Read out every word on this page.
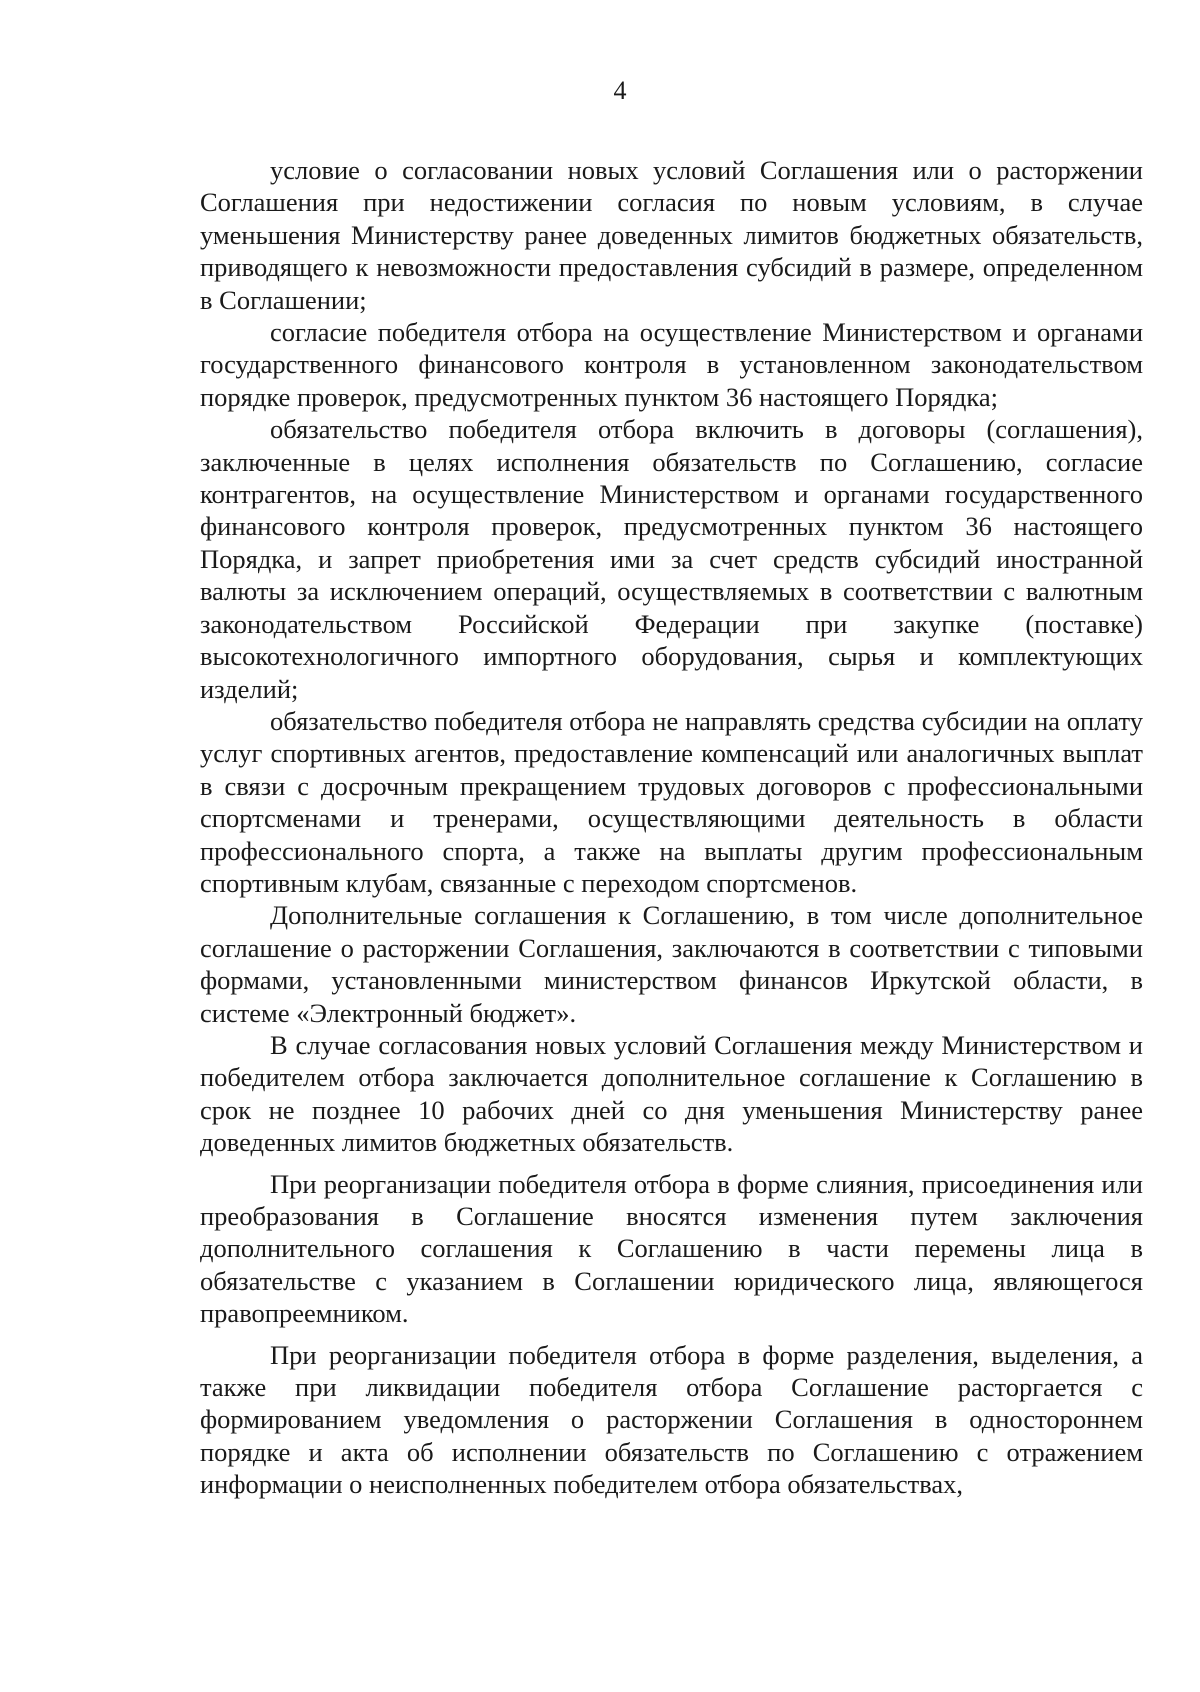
4

условие о согласовании новых условий Соглашения или о расторжении Соглашения при недостижении согласия по новым условиям, в случае уменьшения Министерству ранее доведенных лимитов бюджетных обязательств, приводящего к невозможности предоставления субсидий в размере, определенном в Соглашении;

согласие победителя отбора на осуществление Министерством и органами государственного финансового контроля в установленном законодательством порядке проверок, предусмотренных пунктом 36 настоящего Порядка;

обязательство победителя отбора включить в договоры (соглашения), заключенные в целях исполнения обязательств по Соглашению, согласие контрагентов, на осуществление Министерством и органами государственного финансового контроля проверок, предусмотренных пунктом 36 настоящего Порядка, и запрет приобретения ими за счет средств субсидий иностранной валюты за исключением операций, осуществляемых в соответствии с валютным законодательством Российской Федерации при закупке (поставке) высокотехнологичного импортного оборудования, сырья и комплектующих изделий;

обязательство победителя отбора не направлять средства субсидии на оплату услуг спортивных агентов, предоставление компенсаций или аналогичных выплат в связи с досрочным прекращением трудовых договоров с профессиональными спортсменами и тренерами, осуществляющими деятельность в области профессионального спорта, а также на выплаты другим профессиональным спортивным клубам, связанные с переходом спортсменов.

Дополнительные соглашения к Соглашению, в том числе дополнительное соглашение о расторжении Соглашения, заключаются в соответствии с типовыми формами, установленными министерством финансов Иркутской области, в системе «Электронный бюджет».

В случае согласования новых условий Соглашения между Министерством и победителем отбора заключается дополнительное соглашение к Соглашению в срок не позднее 10 рабочих дней со дня уменьшения Министерству ранее доведенных лимитов бюджетных обязательств.

При реорганизации победителя отбора в форме слияния, присоединения или преобразования в Соглашение вносятся изменения путем заключения дополнительного соглашения к Соглашению в части перемены лица в обязательстве с указанием в Соглашении юридического лица, являющегося правопреемником.

При реорганизации победителя отбора в форме разделения, выделения, а также при ликвидации победителя отбора Соглашение расторгается с формированием уведомления о расторжении Соглашения в одностороннем порядке и акта об исполнении обязательств по Соглашению с отражением информации о неисполненных победителем отбора обязательствах,
